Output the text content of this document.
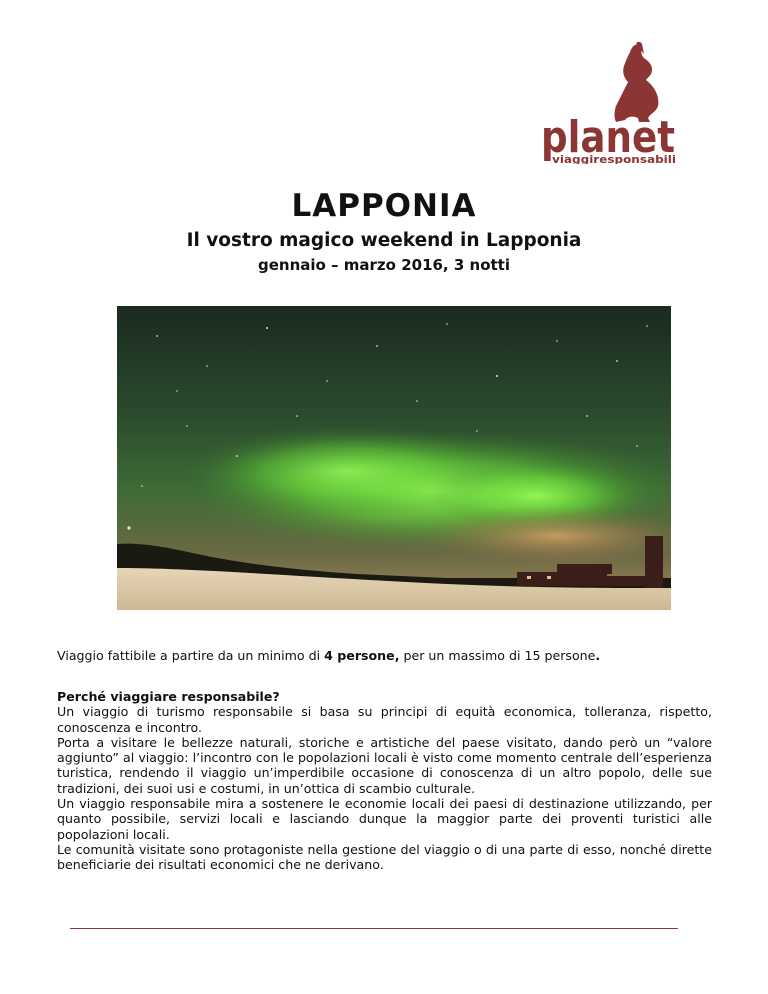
planet
viaggiresponsabili
LAPPONIA
Il vostro magico weekend in Lapponia
gennaio – marzo 2016, 3 notti

Viaggio fattibile a partire da un minimo di 4 persone, per un massimo di 15 persone.

Perché viaggiare responsabile?

Un viaggio di turismo responsabile si basa su principi di equità economica, tolleranza, rispetto, conoscenza e incontro.

Porta a visitare le bellezze naturali, storiche e artistiche del paese visitato, dando però un “valore aggiunto” al viaggio: l’incontro con le popolazioni locali è visto come momento centrale dell’esperienza turistica, rendendo il viaggio un’imperdibile occasione di conoscenza di un altro popolo, delle sue tradizioni, dei suoi usi e costumi, in un’ottica di scambio culturale.

Un viaggio responsabile mira a sostenere le economie locali dei paesi di destinazione utilizzando, per quanto possibile, servizi locali e lasciando dunque la maggior parte dei proventi turistici alle popolazioni locali.

Le comunità visitate sono protagoniste nella gestione del viaggio o di una parte di esso, nonché dirette beneficiarie dei risultati economici che ne derivano.
